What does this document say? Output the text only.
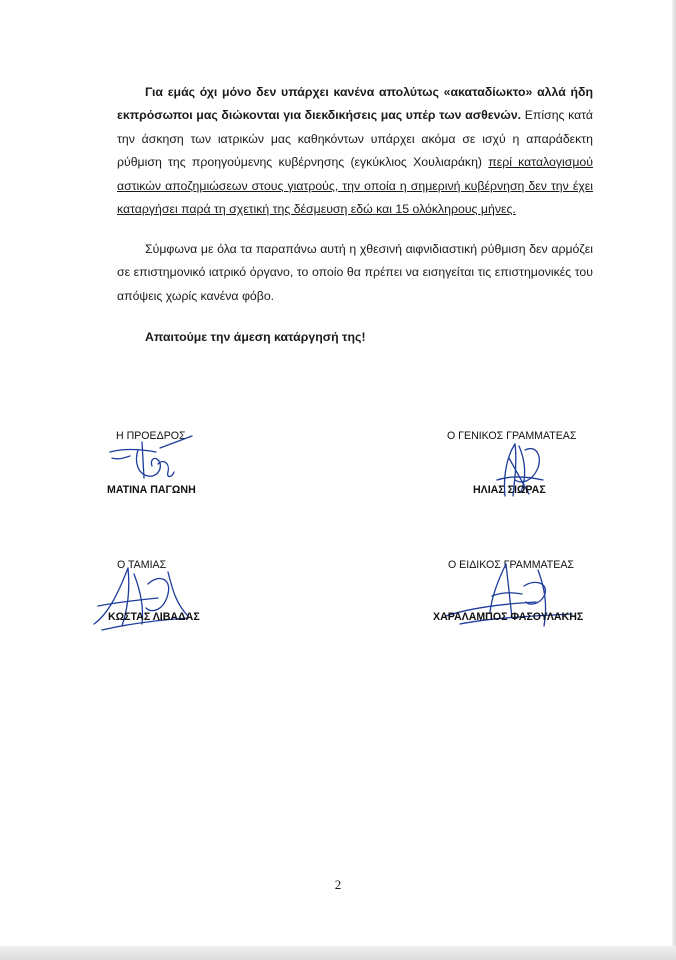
Για εμάς όχι μόνο δεν υπάρχει κανένα απολύτως «ακαταδίωκτο» αλλά ήδη εκπρόσωποι μας διώκονται για διεκδικήσεις μας υπέρ των ασθενών. Επίσης κατά την άσκηση των ιατρικών μας καθηκόντων υπάρχει ακόμα σε ισχύ η απαράδεκτη ρύθμιση της προηγούμενης κυβέρνησης (εγκύκλιος Χουλιαράκη) περί καταλογισμού αστικών αποζημιώσεων στους γιατρούς, την οποία η σημερινή κυβέρνηση δεν την έχει καταργήσει παρά τη σχετική της δέσμευση εδώ και 15 ολόκληρους μήνες.
Σύμφωνα με όλα τα παραπάνω αυτή η χθεσινή αιφνιδιαστική ρύθμιση δεν αρμόζει σε επιστημονικό ιατρικό όργανο, το οποίο θα πρέπει να εισηγείται τις επιστημονικές του απόψεις χωρίς κανένα φόβο.
Απαιτούμε την άμεση κατάργησή της!
Η ΠΡΟΕΔΡΟΣ
ΜΑΤΙΝΑ ΠΑΓΩΝΗ
Ο ΓΕΝΙΚΟΣ ΓΡΑΜΜΑΤΕΑΣ
ΗΛΙΑΣ ΣΙΩΡΑΣ
Ο ΤΑΜΙΑΣ
ΚΩΣΤΑΣ ΛΙΒΑΔΑΣ
Ο ΕΙΔΙΚΟΣ ΓΡΑΜΜΑΤΕΑΣ
ΧΑΡΑΛΑΜΠΟΣ ΦΑΣΟΥΛΑΚΗΣ
2
